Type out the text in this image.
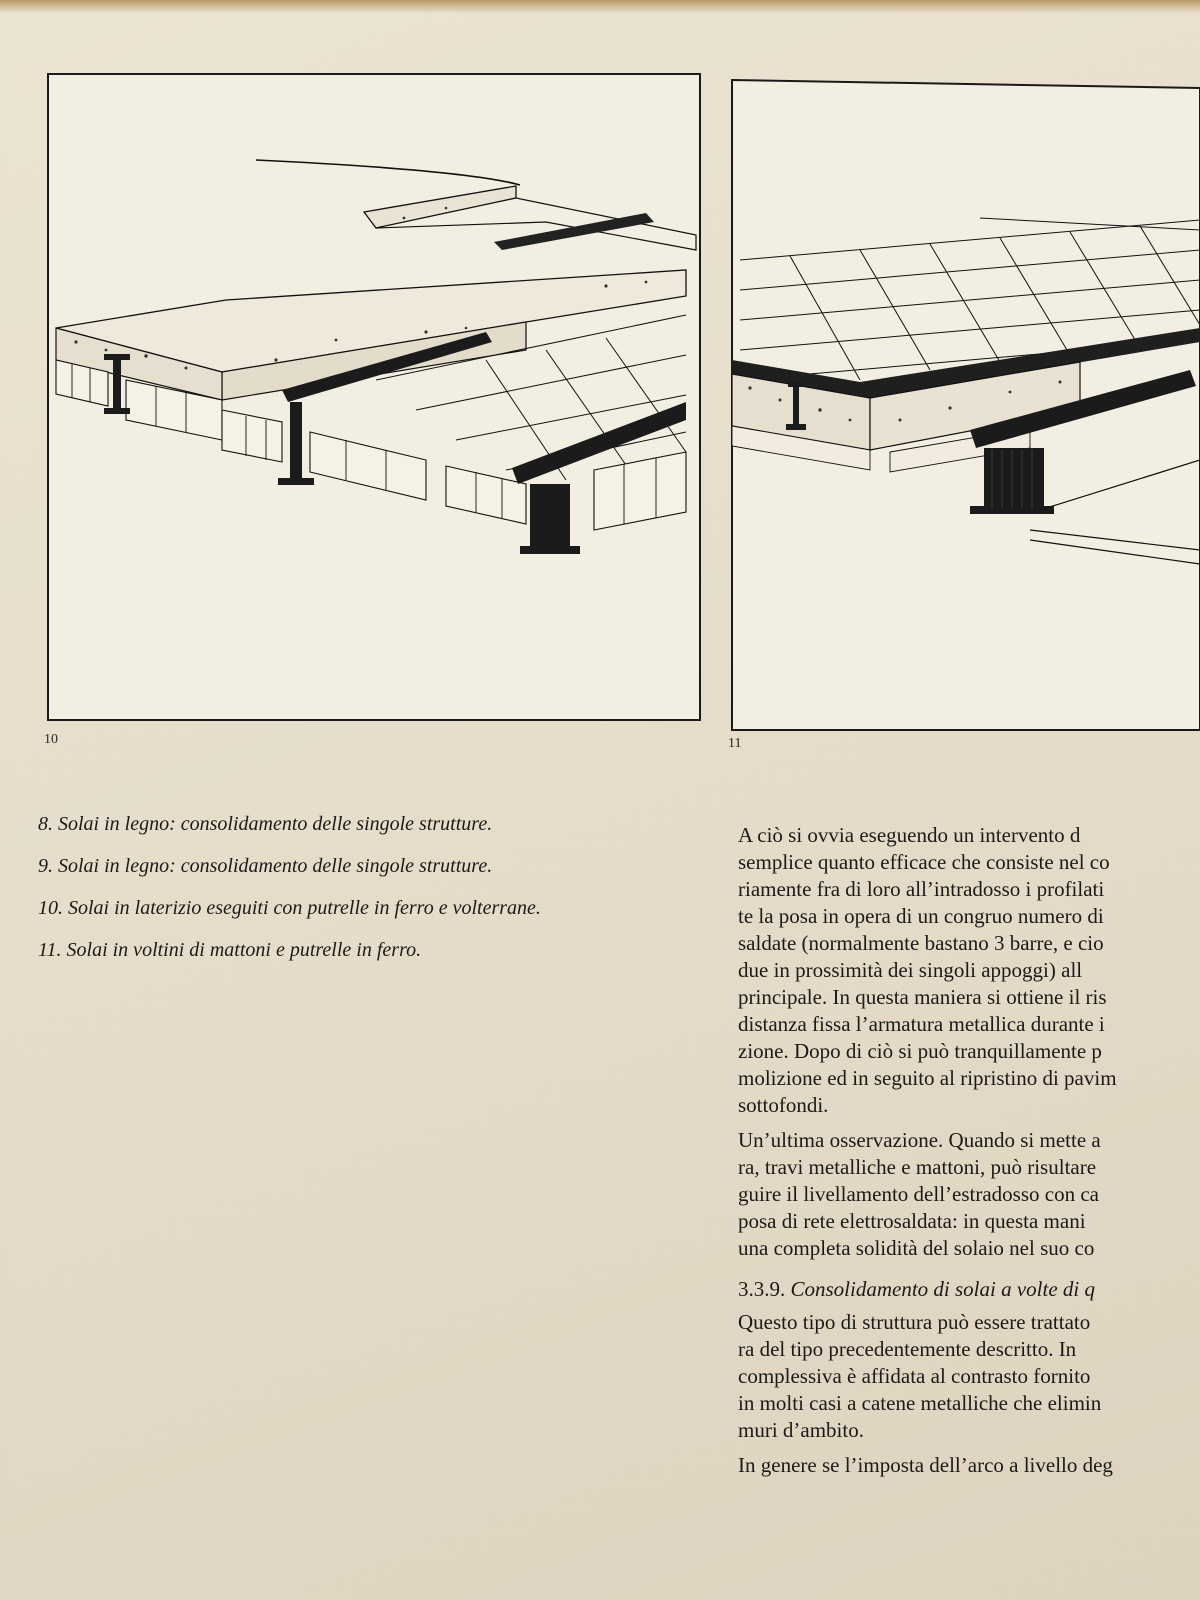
10	11

8. Solai in legno: consolidamento delle singole strutture.

9. Solai in legno: consolidamento delle singole strutture.

10. Solai in laterizio eseguiti con putrelle in ferro e volterrane.

11. Solai in voltini di mattoni e putrelle in ferro.

A ciò si ovvia eseguendo un intervento d
semplice quanto efficace che consiste nel co
riamente fra di loro all’intradosso i profilati
te la posa in opera di un congruo numero di
saldate (normalmente bastano 3 barre, e cio
due in prossimità dei singoli appoggi) all
principale. In questa maniera si ottiene il ris
distanza fissa l’armatura metallica durante i
zione. Dopo di ciò si può tranquillamente p
molizione ed in seguito al ripristino di pavim
sottofondi.

Un’ultima osservazione. Quando si mette a
ra, travi metalliche e mattoni, può risultare
guire il livellamento dell’estradosso con ca
posa di rete elettrosaldata: in questa mani
una completa solidità del solaio nel suo co

3.3.9. Consolidamento di solai a volte di q

Questo tipo di struttura può essere trattato
ra del tipo precedentemente descritto. In
complessiva è affidata al contrasto fornito
in molti casi a catene metalliche che elimin
muri d’ambito.

In genere se l’imposta dell’arco a livello deg
